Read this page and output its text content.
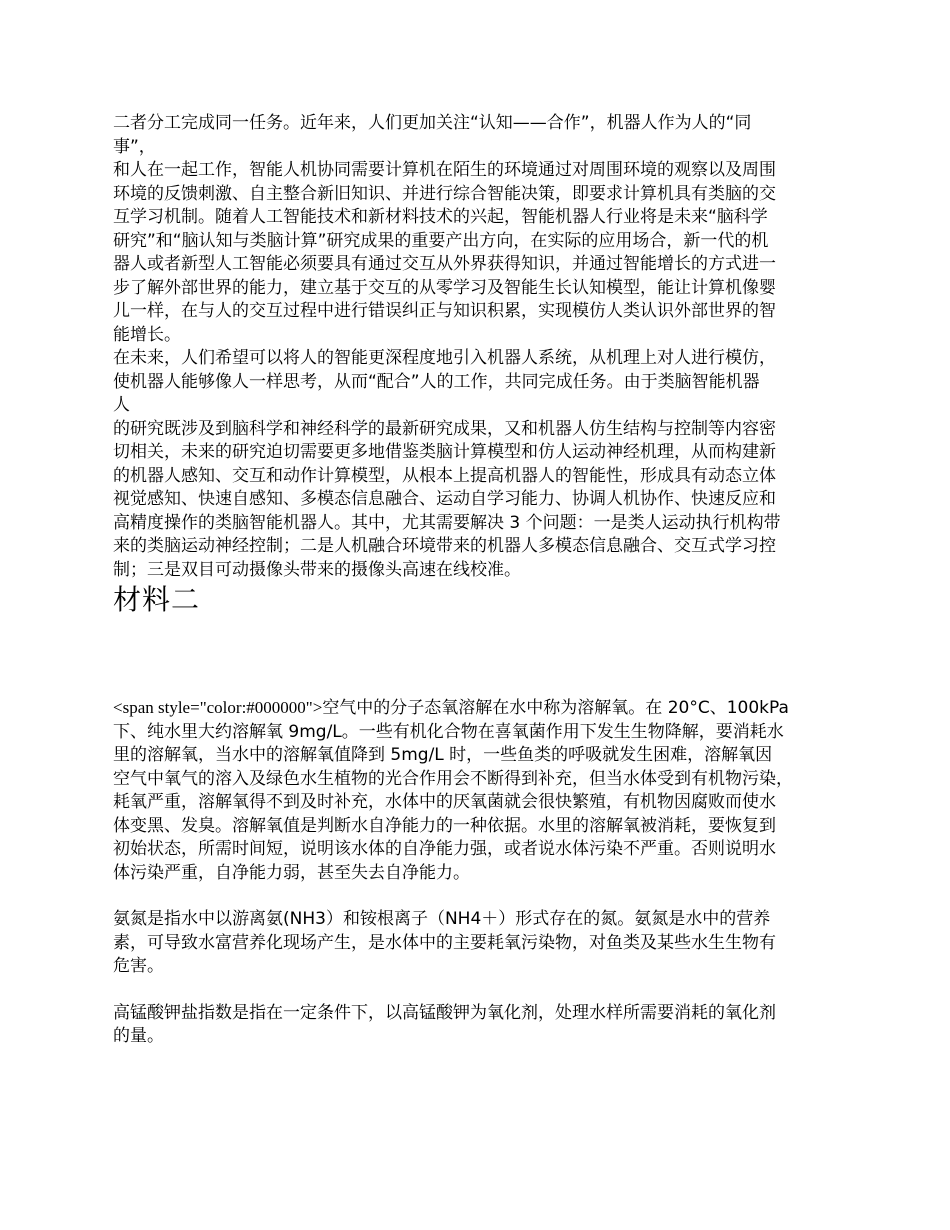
二者分工完成同一任务。近年来，人们更加关注“认知——合作”，机器人作为人的“同

事”，

和人在一起工作，智能人机协同需要计算机在陌生的环境通过对周围环境的观察以及周围

环境的反馈刺激、自主整合新旧知识、并进行综合智能决策，即要求计算机具有类脑的交

互学习机制。随着人工智能技术和新材料技术的兴起，智能机器人行业将是未来“脑科学

研究”和“脑认知与类脑计算”研究成果的重要产出方向，在实际的应用场合，新一代的机

器人或者新型人工智能必须要具有通过交互从外界获得知识，并通过智能增长的方式进一

步了解外部世界的能力，建立基于交互的从零学习及智能生长认知模型，能让计算机像婴

儿一样，在与人的交互过程中进行错误纠正与知识积累，实现模仿人类认识外部世界的智

能增长。

在未来，人们希望可以将人的智能更深程度地引入机器人系统，从机理上对人进行模仿，

使机器人能够像人一样思考，从而“配合”人的工作，共同完成任务。由于类脑智能机器

人

的研究既涉及到脑科学和神经科学的最新研究成果，又和机器人仿生结构与控制等内容密

切相关，未来的研究迫切需要更多地借鉴类脑计算模型和仿人运动神经机理，从而构建新

的机器人感知、交互和动作计算模型，从根本上提高机器人的智能性，形成具有动态立体

视觉感知、快速自感知、多模态信息融合、运动自学习能力、协调人机协作、快速反应和

高精度操作的类脑智能机器人。其中，尤其需要解决 3 个问题：一是类人运动执行机构带

来的类脑运动神经控制；二是人机融合环境带来的机器人多模态信息融合、交互式学习控

制；三是双目可动摄像头带来的摄像头高速在线校准。

材料二

<span style="color:#000000">空气中的分子态氧溶解在水中称为溶解氧。在 20°C、100kPa

下、纯水里大约溶解氧 9mg/L。一些有机化合物在喜氧菌作用下发生生物降解，要消耗水

里的溶解氧，当水中的溶解氧值降到 5mg/L 时，一些鱼类的呼吸就发生困难，溶解氧因

空气中氧气的溶入及绿色水生植物的光合作用会不断得到补充，但当水体受到有机物污染，

耗氧严重，溶解氧得不到及时补充，水体中的厌氧菌就会很快繁殖，有机物因腐败而使水

体变黑、发臭。溶解氧值是判断水自净能力的一种依据。水里的溶解氧被消耗，要恢复到

初始状态，所需时间短，说明该水体的自净能力强，或者说水体污染不严重。否则说明水

体污染严重，自净能力弱，甚至失去自净能力。

氨氮是指水中以游离氨(NH3）和铵根离子（NH4＋）形式存在的氮。氨氮是水中的营养

素，可导致水富营养化现场产生，是水体中的主要耗氧污染物，对鱼类及某些水生生物有

危害。

高锰酸钾盐指数是指在一定条件下，以高锰酸钾为氧化剂，处理水样所需要消耗的氧化剂

的量。
